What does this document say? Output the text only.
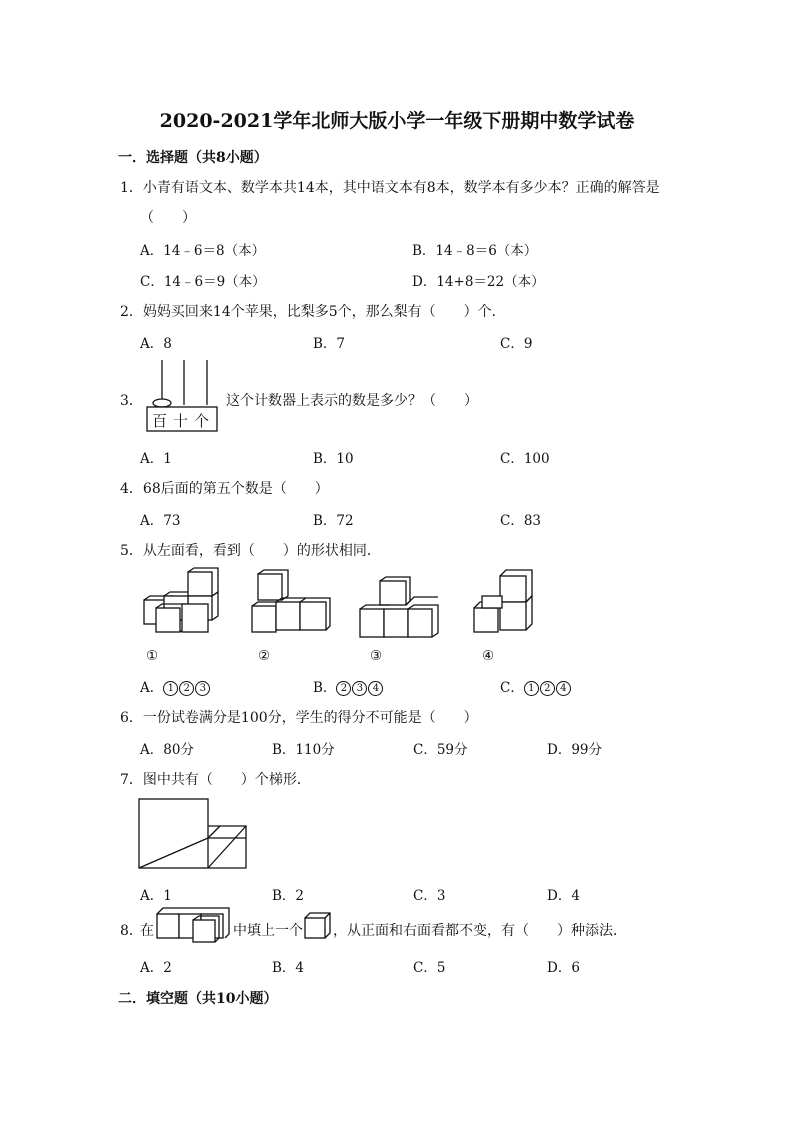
2020-2021学年北师大版小学一年级下册期中数学试卷
一．选择题（共8小题）
1．小青有语文本、数学本共14本，其中语文本有8本，数学本有多少本？正确的解答是
（　　）
A．14﹣6＝8（本）	B．14﹣8＝6（本）
C．14﹣6＝9（本）	D．14+8＝22（本）
2．妈妈买回来14个苹果，比梨多5个，那么梨有（　　）个．
A．8	B．7	C．9
3．
百十个
这个计数器上表示的数是多少？（　　）
A．1	B．10	C．100
4．68后面的第五个数是（　　）
A．73	B．72	C．83
5．从左面看，看到（　　）的形状相同．
①	②	③	④
A． 1 2 3	B． 2 3 4	C． 1 2 4
6．一份试卷满分是100分，学生的得分不可能是（　　）
A．80分	B．110分	C．59分	D．99分
7．图中共有（　　）个梯形．
A．1	B．2	C．3	D．4
8．
在	中填上一个 ，从正面和右面看都不变，有（　　）种添法．
A．2	B．4	C．5	D．6
二．填空题（共10小题）
